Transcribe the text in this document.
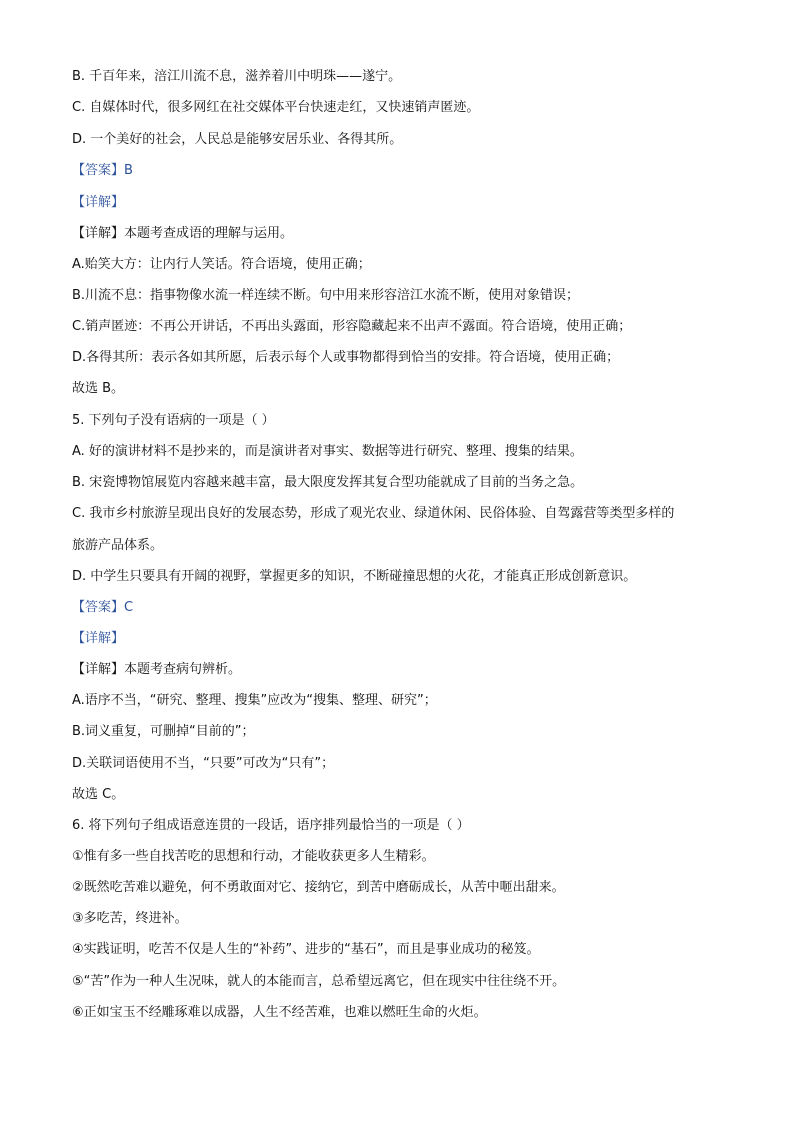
B. 千百年来，涪江川流不息，滋养着川中明珠——遂宁。
C. 自媒体时代，很多网红在社交媒体平台快速走红，又快速销声匿迹。
D. 一个美好的社会，人民总是能够安居乐业、各得其所。
【答案】B
【详解】
【详解】本题考查成语的理解与运用。
A.贻笑大方：让内行人笑话。符合语境，使用正确；
B.川流不息：指事物像水流一样连续不断。句中用来形容涪江水流不断，使用对象错误；
C.销声匿迹：不再公开讲话，不再出头露面，形容隐藏起来不出声不露面。符合语境，使用正确；
D.各得其所：表示各如其所愿，后表示每个人或事物都得到恰当的安排。符合语境，使用正确；
故选 B。
5. 下列句子没有语病的一项是（ ）
A. 好的演讲材料不是抄来的，而是演讲者对事实、数据等进行研究、整理、搜集的结果。
B. 宋瓷博物馆展览内容越来越丰富，最大限度发挥其复合型功能就成了目前的当务之急。
C. 我市乡村旅游呈现出良好的发展态势，形成了观光农业、绿道休闲、民俗体验、自驾露营等类型多样的
旅游产品体系。
D. 中学生只要具有开阔的视野，掌握更多的知识，不断碰撞思想的火花，才能真正形成创新意识。
【答案】C
【详解】
【详解】本题考查病句辨析。
A.语序不当，“研究、整理、搜集”应改为“搜集、整理、研究”；
B.词义重复，可删掉“目前的”；
D.关联词语使用不当，“只要”可改为“只有”；
故选 C。
6. 将下列句子组成语意连贯的一段话，语序排列最恰当的一项是（ ）
①惟有多一些自找苦吃的思想和行动，才能收获更多人生精彩。
②既然吃苦难以避免，何不勇敢面对它、接纳它，到苦中磨砺成长，从苦中咂出甜来。
③多吃苦，终进补。
④实践证明，吃苦不仅是人生的“补药”、进步的“基石”，而且是事业成功的秘笈。
⑤“苦”作为一种人生况味，就人的本能而言，总希望远离它，但在现实中往往绕不开。
⑥正如宝玉不经雕琢难以成器，人生不经苦难，也难以燃旺生命的火炬。
